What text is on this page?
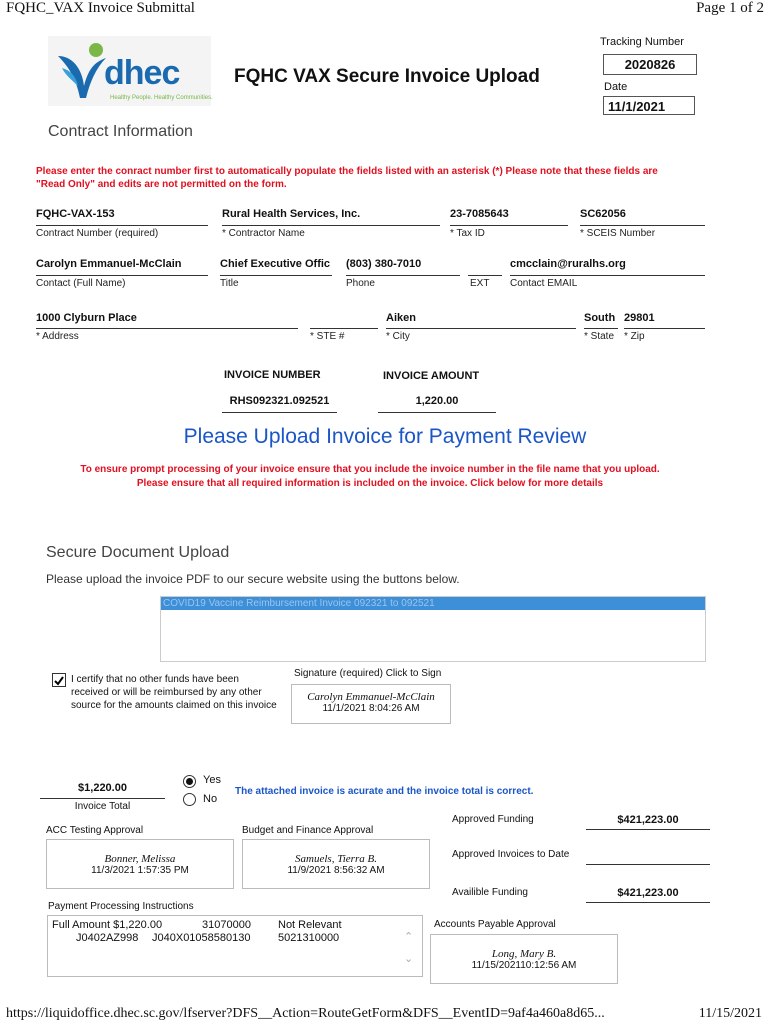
FQHC_VAX Invoice Submittal	Page 1 of 2
dhec
Healthy People. Healthy Communities.
FQHC VAX Secure Invoice Upload
Tracking Number
2020826
Date
11/1/2021
Contract Information
Please enter the conract number first to automatically populate the fields listed with an asterisk (*) Please note that these fields are "Read Only" and edits are not permitted on the form.
FQHC-VAX-153
Contract Number (required)
Rural Health Services, Inc.
* Contractor Name
23-7085643
* Tax ID
SC62056
* SCEIS Number
Carolyn Emmanuel-McClain
Contact (Full Name)
Chief Executive Offic
Title
(803) 380-7010
Phone	EXT
cmcclain@ruralhs.org
Contact EMAIL
1000 Clyburn Place
* Address	* STE #
Aiken
* City
South
* State
29801
* Zip
INVOICE NUMBER	INVOICE AMOUNT
RHS092321.092521	1,220.00
Please Upload Invoice for Payment Review
To ensure prompt processing of your invoice ensure that you include the invoice number in the file name that you upload.
Please ensure that all required information is included on the invoice. Click below for more details
Secure Document Upload
Please upload the invoice PDF to our secure website using the buttons below.
COVID19 Vaccine Reimbursement Invoice 092321 to 092521
I certify that no other funds have been received or will be reimbursed by any other source for the amounts claimed on this invoice
Signature (required) Click to Sign
Carolyn Emmanuel-McClain
11/1/2021 8:04:26 AM
$1,220.00
Invoice Total
Yes
No
The attached invoice is acurate and the invoice total is correct.
Approved Funding	$421,223.00
Approved Invoices to Date
Availible Funding	$421,223.00
ACC Testing Approval
Bonner, Melissa
11/3/2021 1:57:35 PM
Budget and Finance Approval
Samuels, Tierra B.
11/9/2021 8:56:32 AM
Payment Processing Instructions
Full Amount $1,220.00	31070000 Not Relevant
J0402AZ998 J040X01058580130	5021310000	⌃
⌄
Accounts Payable Approval
Long, Mary B.
11/15/202110:12:56 AM
https://liquidoffice.dhec.sc.gov/lfserver?DFS__Action=RouteGetForm&DFS__EventID=9af4a460a8d65...	11/15/2021
